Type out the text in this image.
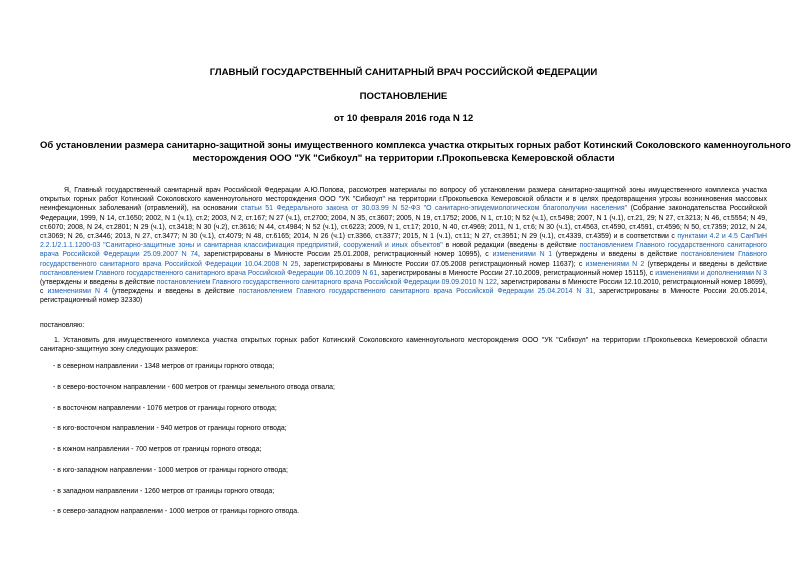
ГЛАВНЫЙ ГОСУДАРСТВЕННЫЙ САНИТАРНЫЙ ВРАЧ РОССИЙСКОЙ ФЕДЕРАЦИИ
ПОСТАНОВЛЕНИЕ
от 10 февраля 2016 года N 12
Об установлении размера санитарно-защитной зоны имущественного комплекса участка открытых горных работ Котинский Соколовского каменноугольного
месторождения ООО "УК "Сибкоул" на территории г.Прокопьевска Кемеровской области
Я, Главный государственный санитарный врач Российской Федерации А.Ю.Попова, рассмотрев материалы по вопросу об установлении размера санитарно-защитной зоны имущественного комплекса участка открытых горных работ Котинский Соколовского каменноугольного месторождения ООО "УК "Сибкоул" на территории г.Прокопьевска Кемеровской области и в целях предотвращения угрозы возникновения массовых неинфекционных заболеваний (отравлений), на основании статьи 51 Федерального закона от 30.03.99 N 52-ФЗ "О санитарно-эпидемиологическом благополучии населения" (Собрание законодательства Российской Федерации, 1999, N 14, ст.1650; 2002, N 1 (ч.1), ст.2; 2003, N 2, ст.167; N 27 (ч.1), ст.2700; 2004, N 35, ст.3607; 2005, N 19, ст.1752; 2006, N 1, ст.10; N 52 (ч.1), ст.5498; 2007, N 1 (ч.1), ст.21, 29; N 27, ст.3213; N 46, ст.5554; N 49, ст.6070; 2008, N 24, ст.2801; N 29 (ч.1), ст.3418; N 30 (ч.2), ст.3616; N 44, ст.4984; N 52 (ч.1), ст.6223; 2009, N 1, ст.17; 2010, N 40, ст.4969; 2011, N 1, ст.6; N 30 (ч.1), ст.4563, ст.4590, ст.4591, ст.4596; N 50, ст.7359; 2012, N 24, ст.3069; N 26, ст.3446; 2013, N 27, ст.3477; N 30 (ч.1), ст.4079; N 48, ст.6165; 2014, N 26 (ч.1) ст.3366, ст.3377; 2015, N 1 (ч.1), ст.11; N 27, ст.3951; N 29 (ч.1), ст.4339, ст.4359) и в соответствии с пунктами 4.2 и 4.5 СанПиН 2.2.1/2.1.1.1200-03 "Санитарно-защитные зоны и санитарная классификация предприятий, сооружений и иных объектов" в новой редакции (введены в действие постановлением Главного государственного санитарного врача Российской Федерации 25.09.2007 N 74, зарегистрированы в Минюсте России 25.01.2008, регистрационный номер 10995), с изменениями N 1 (утверждены и введены в действие постановлением Главного государственного санитарного врача Российской Федерации 10.04.2008 N 25, зарегистрированы в Минюсте России 07.05.2008 регистрационный номер 11637); с изменениями N 2 (утверждены и введены в действие постановлением Главного государственного санитарного врача Российской Федерации 06.10.2009 N 61, зарегистрированы в Минюсте России 27.10.2009, регистрационный номер 15115), с изменениями и дополнениями N 3 (утверждены и введены в действие постановлением Главного государственного санитарного врача Российской Федерации 09.09.2010 N 122, зарегистрированы в Минюсте России 12.10.2010, регистрационный номер 18699), с изменениями N 4 (утверждены и введены в действие постановлением Главного государственного санитарного врача Российской Федерации 25.04.2014 N 31, зарегистрированы в Минюсте России 20.05.2014, регистрационный номер 32330)
постановляю:
1. Установить для имущественного комплекса участка открытых горных работ Котинский Соколовского каменноугольного месторождения ООО "УК "Сибкоул" на территории г.Прокопьевска Кемеровской области санитарно-защитную зону следующих размеров:
- в северном направлении - 1348 метров от границы горного отвода;
- в северо-восточном направлении - 600 метров от границы земельного отвода отвала;
- в восточном направлении - 1076 метров от границы горного отвода;
- в юго-восточном направлении - 940 метров от границы горного отвода;
- в южном направлении - 700 метров от границы горного отвода;
- в юго-западном направлении - 1000 метров от границы горного отвода;
- в западном направлении - 1260 метров от границы горного отвода;
- в северо-западном направлении - 1000 метров от границы горного отвода.
